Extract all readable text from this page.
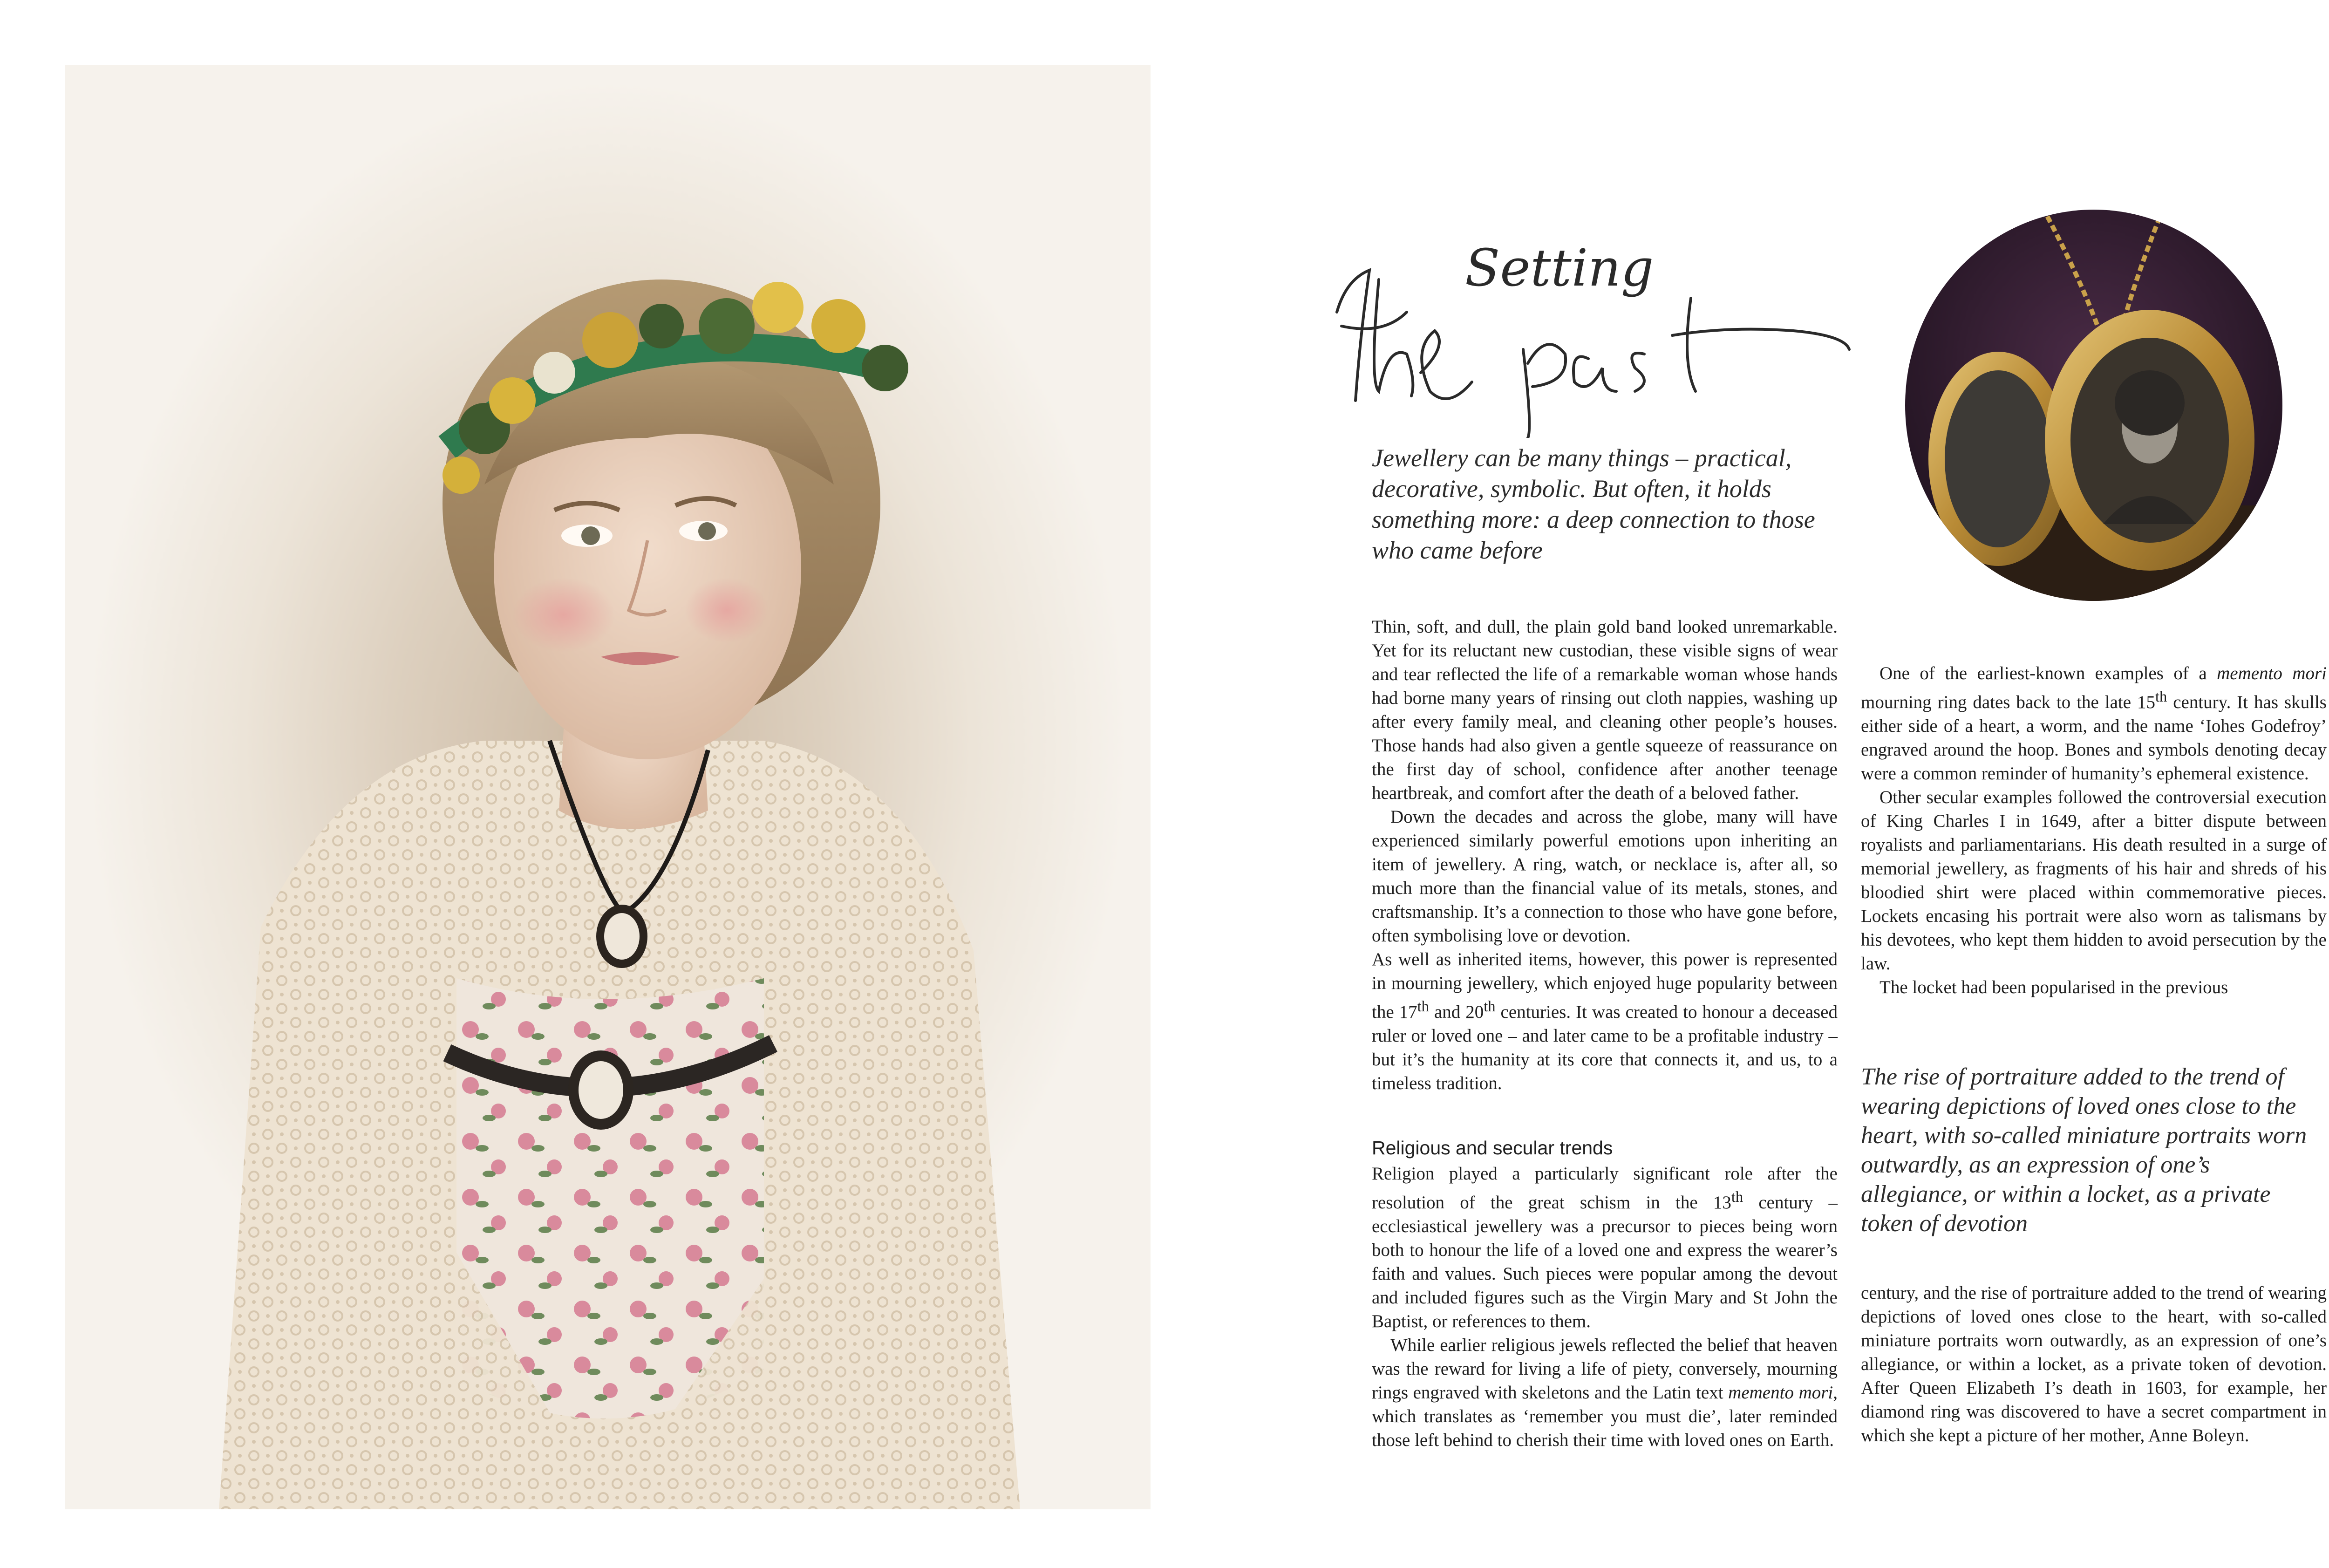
Setting

Jewellery can be many things – practical, decorative, symbolic. But often, it holds something more: a deep connection to those who came before

Thin, soft, and dull, the plain gold band looked unremarkable. Yet for its reluctant new custodian, these visible signs of wear and tear reflected the life of a remarkable woman whose hands had borne many years of rinsing out cloth nappies, washing up after every family meal, and cleaning other people’s houses. Those hands had also given a gentle squeeze of reassurance on the first day of school, confidence after another teenage heartbreak, and comfort after the death of a beloved father.

Down the decades and across the globe, many will have experienced similarly powerful emotions upon inheriting an item of jewellery. A ring, watch, or necklace is, after all, so much more than the financial value of its metals, stones, and craftsmanship. It’s a connection to those who have gone before, often symbolising love or devotion.

As well as inherited items, however, this power is represented in mourning jewellery, which enjoyed huge popularity between the 17th and 20th centuries. It was created to honour a deceased ruler or loved one – and later came to be a profitable industry – but it’s the humanity at its core that connects it, and us, to a timeless tradition.

Religious and secular trends

Religion played a particularly significant role after the resolution of the great schism in the 13th century – ecclesiastical jewellery was a precursor to pieces being worn both to honour the life of a loved one and express the wearer’s faith and values. Such pieces were popular among the devout and included figures such as the Virgin Mary and St John the Baptist, or references to them.

While earlier religious jewels reflected the belief that heaven was the reward for living a life of piety, conversely, mourning rings engraved with skeletons and the Latin text memento mori, which translates as ‘remember you must die’, later reminded those left behind to cherish their time with loved ones on Earth.

One of the earliest-known examples of a memento mori mourning ring dates back to the late 15th century. It has skulls either side of a heart, a worm, and the name ‘Iohes Godefroy’ engraved around the hoop. Bones and symbols denoting decay were a common reminder of humanity’s ephemeral existence.

Other secular examples followed the controversial execution of King Charles I in 1649, after a bitter dispute between royalists and parliamentarians. His death resulted in a surge of memorial jewellery, as fragments of his hair and shreds of his bloodied shirt were placed within commemorative pieces. Lockets encasing his portrait were also worn as talismans by his devotees, who kept them hidden to avoid persecution by the law.

The locket had been popularised in the previous

The rise of portraiture added to the trend of wearing depictions of loved ones close to the heart, with so-called miniature portraits worn outwardly, as an expression of one’s allegiance, or within a locket, as a private token of devotion

century, and the rise of portraiture added to the trend of wearing depictions of loved ones close to the heart, with so-called miniature portraits worn outwardly, as an expression of one’s allegiance, or within a locket, as a private token of devotion. After Queen Elizabeth I’s death in 1603, for example, her diamond ring was discovered to have a secret compartment in which she kept a picture of her mother, Anne Boleyn.
